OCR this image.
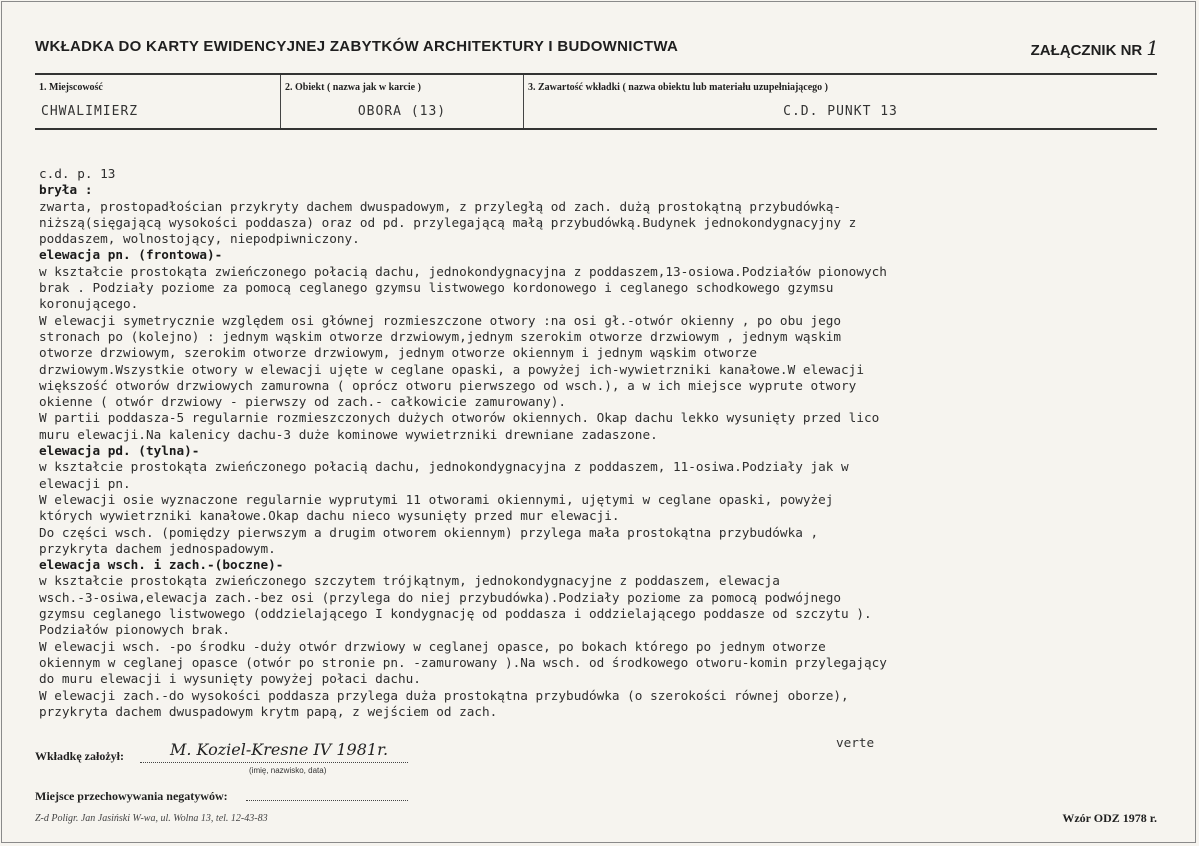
WKŁADKA DO KARTY EWIDENCYJNEJ ZABYTKÓW ARCHITEKTURY I BUDOWNICTWA	ZAŁĄCZNIK NR 1
1. Miejscowość
CHWALIMIERZ
2. Obiekt ( nazwa jak w karcie )
OBORA (13)
3. Zawartość wkładki ( nazwa obiektu lub materiału uzupełniającego )
C.D. PUNKT 13
c.d. p. 13
bryła :
zwarta, prostopadłościan przykryty dachem dwuspadowym, z przyległą od zach. dużą prostokątną przybudówką-
niższą(sięgającą wysokości poddasza) oraz od pd. przylegającą małą przybudówką.Budynek jednokondygnacyjny z
poddaszem, wolnostojący, niepodpiwniczony.
elewacja pn. (frontowa)-
w kształcie prostokąta zwieńczonego połacią dachu, jednokondygnacyjna z poddaszem,13-osiowa.Podziałów pionowych
brak . Podziały poziome za pomocą ceglanego gzymsu listwowego kordonowego i ceglanego schodkowego gzymsu
koronującego.
W elewacji symetrycznie względem osi głównej rozmieszczone otwory :na osi gł.-otwór okienny , po obu jego
stronach po (kolejno) : jednym wąskim otworze drzwiowym,jednym szerokim otworze drzwiowym , jednym wąskim
otworze drzwiowym, szerokim otworze drzwiowym, jednym otworze okiennym i jednym wąskim otworze
drzwiowym.Wszystkie otwory w elewacji ujęte w ceglane opaski, a powyżej ich-wywietrzniki kanałowe.W elewacji
większość otworów drzwiowych zamurowna ( oprócz otworu pierwszego od wsch.), a w ich miejsce wyprute otwory
okienne ( otwór drzwiowy - pierwszy od zach.- całkowicie zamurowany).
W partii poddasza-5 regularnie rozmieszczonych dużych otworów okiennych. Okap dachu lekko wysunięty przed lico
muru elewacji.Na kalenicy dachu-3 duże kominowe wywietrzniki drewniane zadaszone.
elewacja pd. (tylna)-
w kształcie prostokąta zwieńczonego połacią dachu, jednokondygnacyjna z poddaszem, 11-osiwa.Podziały jak w
elewacji pn.
W elewacji osie wyznaczone regularnie wyprutymi 11 otworami okiennymi, ujętymi w ceglane opaski, powyżej
których wywietrzniki kanałowe.Okap dachu nieco wysunięty przed mur elewacji.
Do części wsch. (pomiędzy pierwszym a drugim otworem okiennym) przylega mała prostokątna przybudówka ,
przykryta dachem jednospadowym.
elewacja wsch. i zach.-(boczne)-
w kształcie prostokąta zwieńczonego szczytem trójkątnym, jednokondygnacyjne z poddaszem, elewacja
wsch.-3-osiwa,elewacja zach.-bez osi (przylega do niej przybudówka).Podziały poziome za pomocą podwójnego
gzymsu ceglanego listwowego (oddzielającego I kondygnację od poddasza i oddzielającego poddasze od szczytu ).
Podziałów pionowych brak.
W elewacji wsch. -po środku -duży otwór drzwiowy w ceglanej opasce, po bokach którego po jednym otworze
okiennym w ceglanej opasce (otwór po stronie pn. -zamurowany ).Na wsch. od środkowego otworu-komin przylegający
do muru elewacji i wysunięty powyżej połaci dachu.
W elewacji zach.-do wysokości poddasza przylega duża prostokątna przybudówka (o szerokości równej oborze),
przykryta dachem dwuspadowym krytm papą, z wejściem od zach.
verte
Wkładkę założył:	M. Koziel-Kresne IV 1981r.
(imię, nazwisko, data)
Miejsce przechowywania negatywów:
Z-d Poligr. Jan Jasiński W-wa, ul. Wolna 13, tel. 12-43-83	Wzór ODZ 1978 r.
